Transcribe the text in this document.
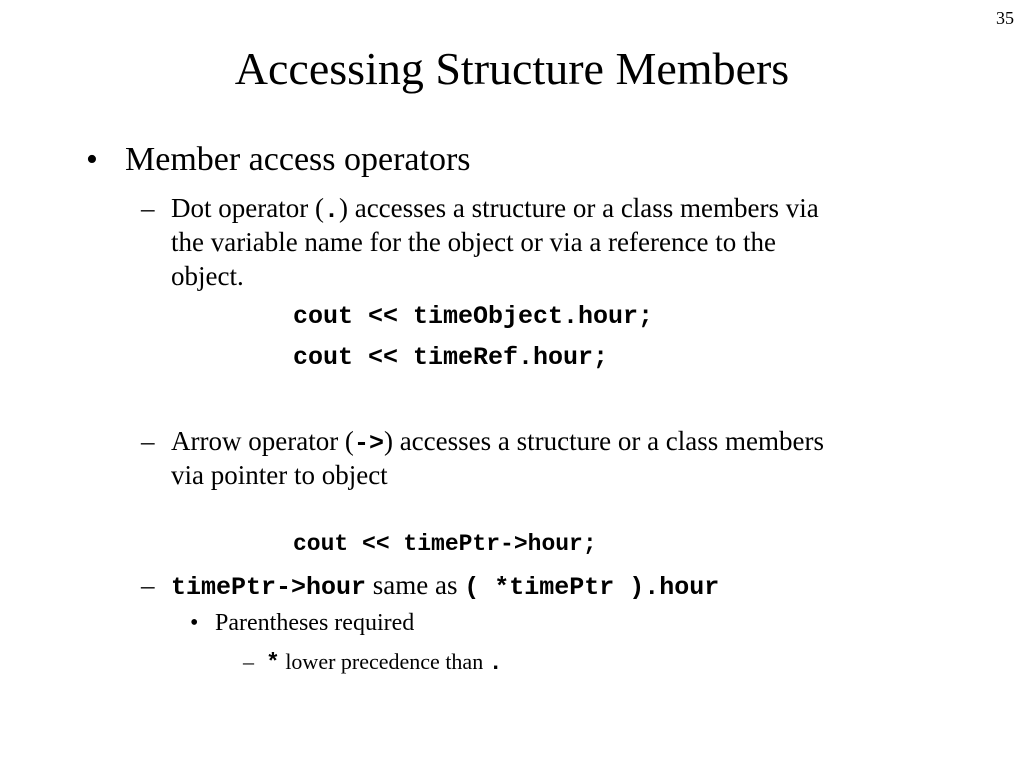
35
Accessing Structure Members
• Member access operators
– Dot operator (.) accesses a structure or a class members via
the variable name for the object or via a reference to the
object.
cout << timeObject.hour;
cout << timeRef.hour;
– Arrow operator (->) accesses a structure or a class members
via pointer to object
cout << timePtr->hour;
– timePtr->hour same as ( *timePtr ).hour
• Parentheses required
– * lower precedence than .
